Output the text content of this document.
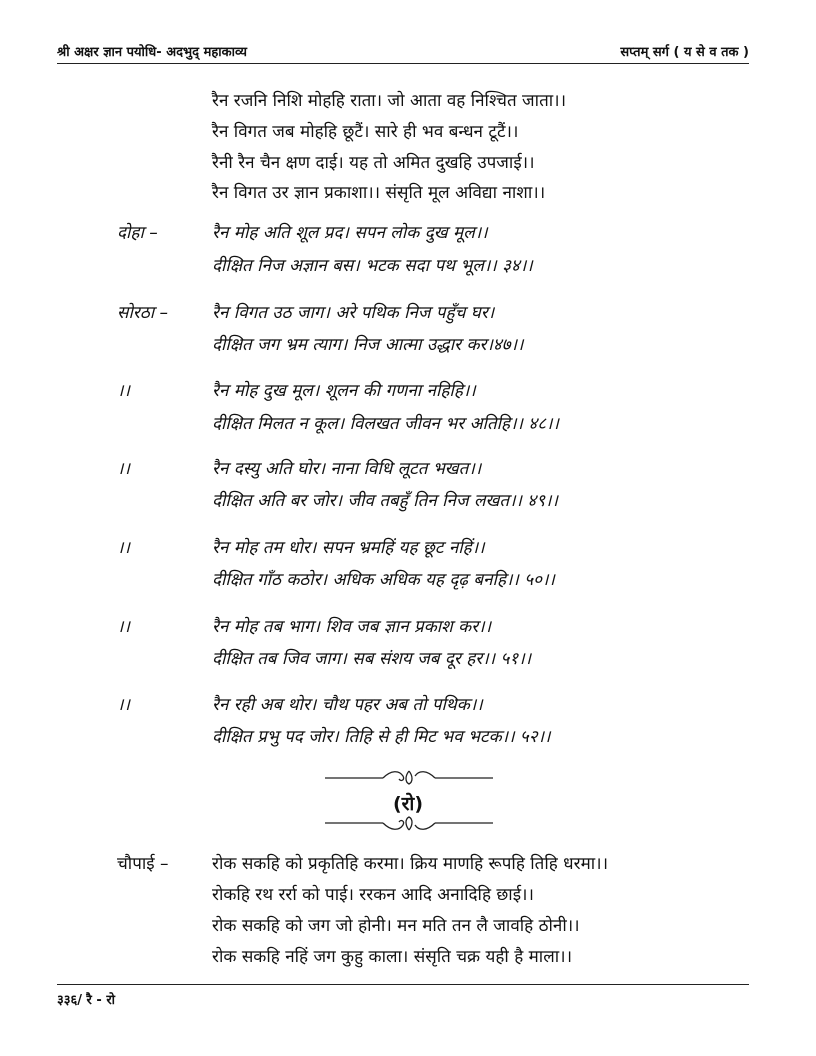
श्री अक्षर ज्ञान पयोधि- अदभुद् महाकाव्य	सप्तम् सर्ग ( य से व तक )
रैन रजनि निशि मोहहि राता। जो आता वह निश्चित जाता।।
रैन विगत जब मोहहि छूटैं। सारे ही भव बन्धन टूटैं।।
रैनी रैन चैन क्षण दाई। यह तो अमित दुखहि उपजाई।।
रैन विगत उर ज्ञान प्रकाशा।। संसृति मूल अविद्या नाशा।।
दोहा –	रैन मोह अति शूल प्रद। सपन लोक दुख मूल।।
दीक्षित निज अज्ञान बस। भटक सदा पथ भूल।। ३४।।
सोरठा –	रैन विगत उठ जाग। अरे पथिक निज पहुँच घर।
दीक्षित जग भ्रम त्याग। निज आत्मा उद्धार कर।४७।।
।।	रैन मोह दुख मूल। शूलन की गणना नहिहि।।
दीक्षित मिलत न कूल। विलखत जीवन भर अतिहि।। ४८।।
।।	रैन दस्यु अति घोर। नाना विधि लूटत भखत।।
दीक्षित अति बर जोर। जीव तबहुँ तिन निज लखत।। ४९।।
।।	रैन मोह तम धोर। सपन भ्रमहिं यह छूट नहिं।।
दीक्षित गाँठ कठोर। अधिक अधिक यह दृढ़ बनहि।। ५०।।
।।	रैन मोह तब भाग। शिव जब ज्ञान प्रकाश कर।।
दीक्षित तब जिव जाग। सब संशय जब दूर हर।। ५१।।
।।	रैन रही अब थोर। चौथ पहर अब तो पथिक।।
दीक्षित प्रभु पद जोर। तिहि से ही मिट भव भटक।। ५२।।
(रो)
चौपाई –	रोक सकहि को प्रकृतिहि करमा। क्रिय माणहि रूपहि तिहि धरमा।।
रोकहि रथ रर्रा को पाई। ररकन आदि अनादिहि छाई।।
रोक सकहि को जग जो होनी। मन मति तन लै जावहि ठोनी।।
रोक सकहि नहिं जग कुहु काला। संसृति चक्र यही है माला।।
३३६/ रै - रो
